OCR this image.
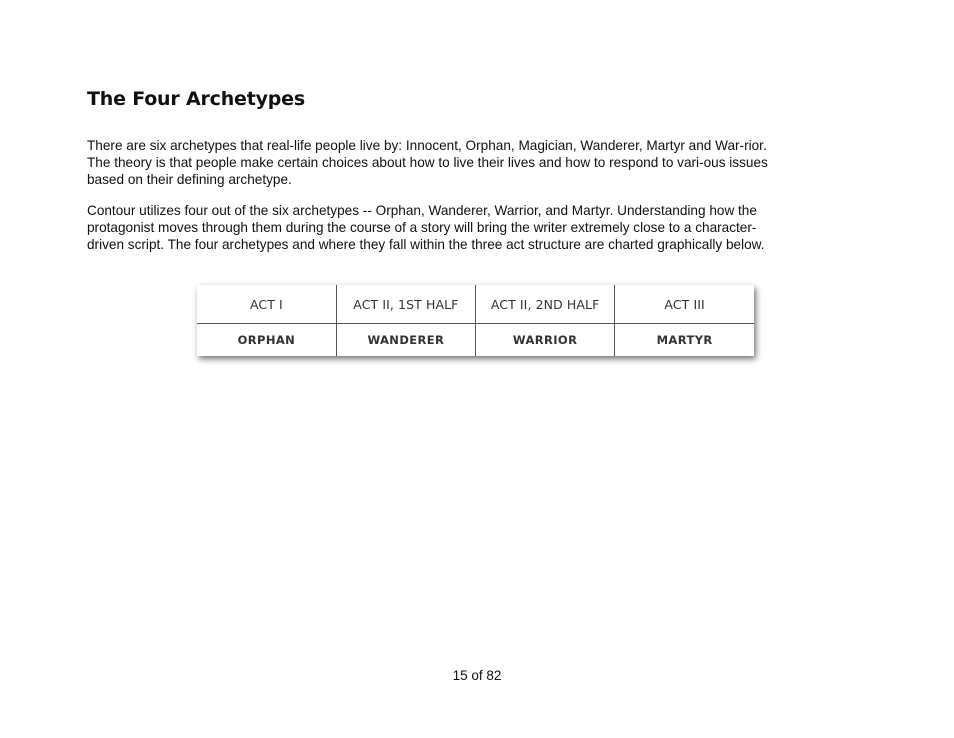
The Four Archetypes

There are six archetypes that real-life people live by: Innocent, Orphan, Magician, Wanderer, Martyr and War-rior. The theory is that people make certain choices about how to live their lives and how to respond to vari-ous issues based on their defining archetype.

Contour utilizes four out of the six archetypes -- Orphan, Wanderer, Warrior, and Martyr. Understanding how the protagonist moves through them during the course of a story will bring the writer extremely close to a character-driven script. The four archetypes and where they fall within the three act structure are charted graphically below.

ACT I	ACT II, 1ST HALF	ACT II, 2ND HALF	ACT III
ORPHAN	WANDERER	WARRIOR	MARTYR
15 of 82
